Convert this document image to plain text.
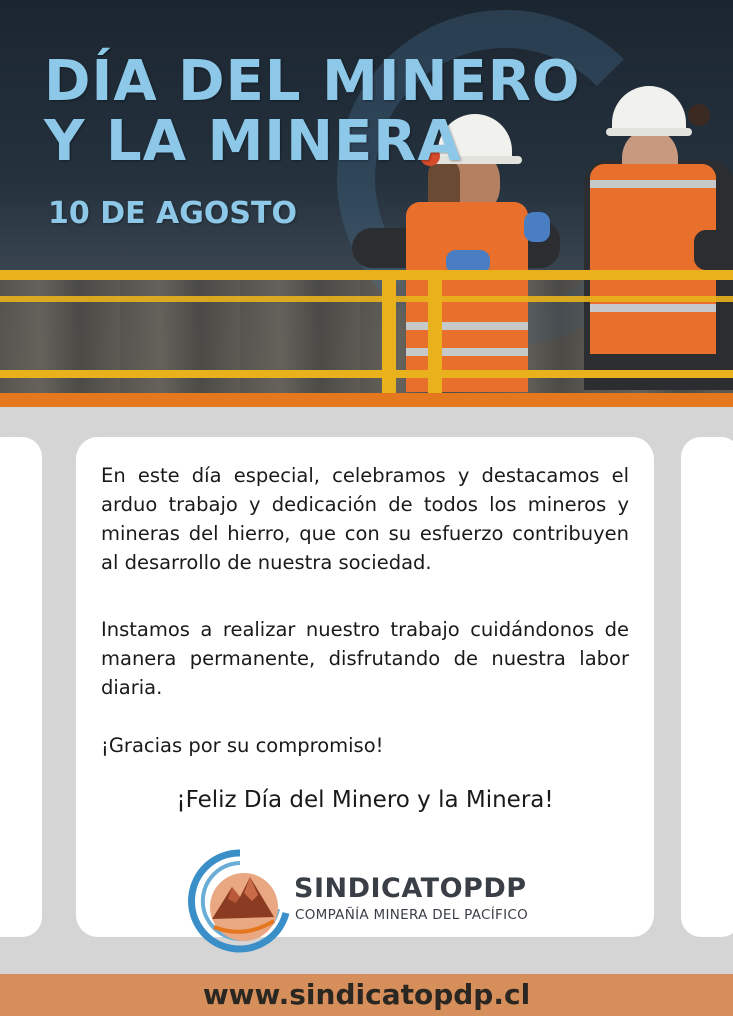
DÍA DEL MINERO
Y LA MINERA
10 DE AGOSTO

En este día especial, celebramos y destacamos el arduo trabajo y dedicación de todos los mineros y mineras del hierro, que con su esfuerzo contribuyen al desarrollo de nuestra sociedad.

Instamos a realizar nuestro trabajo cuidándonos de manera permanente, disfrutando de nuestra labor diaria.

¡Gracias por su compromiso!

¡Feliz Día del Minero y la Minera!

SINDICATOPDP
COMPAÑÍA MINERA DEL PACÍFICO
www.sindicatopdp.cl
